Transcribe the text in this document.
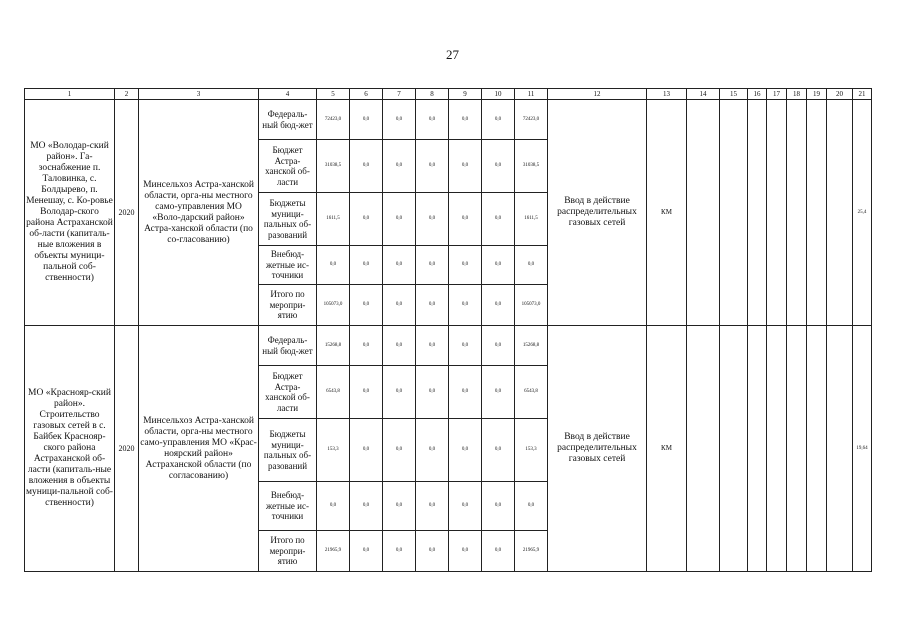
27
1	2	3	4	5	6	7	8	9	10	11	12	13	14	15	16	17	18	19	20	21
МО «Володар-ский район». Га-зоснабжение п. Таловинка, с. Болдырево, п. Менешау, с. Ко-ровье Володар-ского района Астраханской об-ласти (капиталь-ные вложения в объекты муници-пальной соб-ственности)	2020	Минсельхоз Астра-ханской области, орга-ны местного само-управления МО «Воло-дарский район» Астра-ханской области (по со-гласованию)	Федераль-ный бюд-жет	72423,0	0,0	0,0	0,0	0,0	0,0	72423,0	Ввод в действие распределительных газовых сетей	КМ								25,4
			Бюджет Астра-ханской об-ласти	31038,5	0,0	0,0	0,0	0,0	0,0	31038,5										
			Бюджеты муници-пальных об-разований	1611,5	0,0	0,0	0,0	0,0	0,0	1611,5										
			Внебюд-жетные ис-точники	0,0	0,0	0,0	0,0	0,0	0,0	0,0										
			Итого по меропри-ятию	105073,0	0,0	0,0	0,0	0,0	0,0	105073,0										
МО «Краснояр-ский район». Строительство газовых сетей в с. Байбек Краснояр-ского района Астраханской об-ласти (капиталь-ные вложения в объекты муници-пальной соб-ственности)	2020	Минсельхоз Астра-ханской области, орга-ны местного само-управления МО «Крас-ноярский район» Астраханской области (по согласованию)	Федераль-ный бюд-жет	15268,8	0,0	0,0	0,0	0,0	0,0	15268,8	Ввод в действие распределительных газовых сетей	КМ								19,64
			Бюджет Астра-ханской об-ласти	6543,8	0,0	0,0	0,0	0,0	0,0	6543,8										
			Бюджеты муници-пальных об-разований	153,3	0,0	0,0	0,0	0,0	0,0	153,3										
			Внебюд-жетные ис-точники	0,0	0,0	0,0	0,0	0,0	0,0	0,0										
			Итого по меропри-ятию	21965,9	0,0	0,0	0,0	0,0	0,0	21965,9										
